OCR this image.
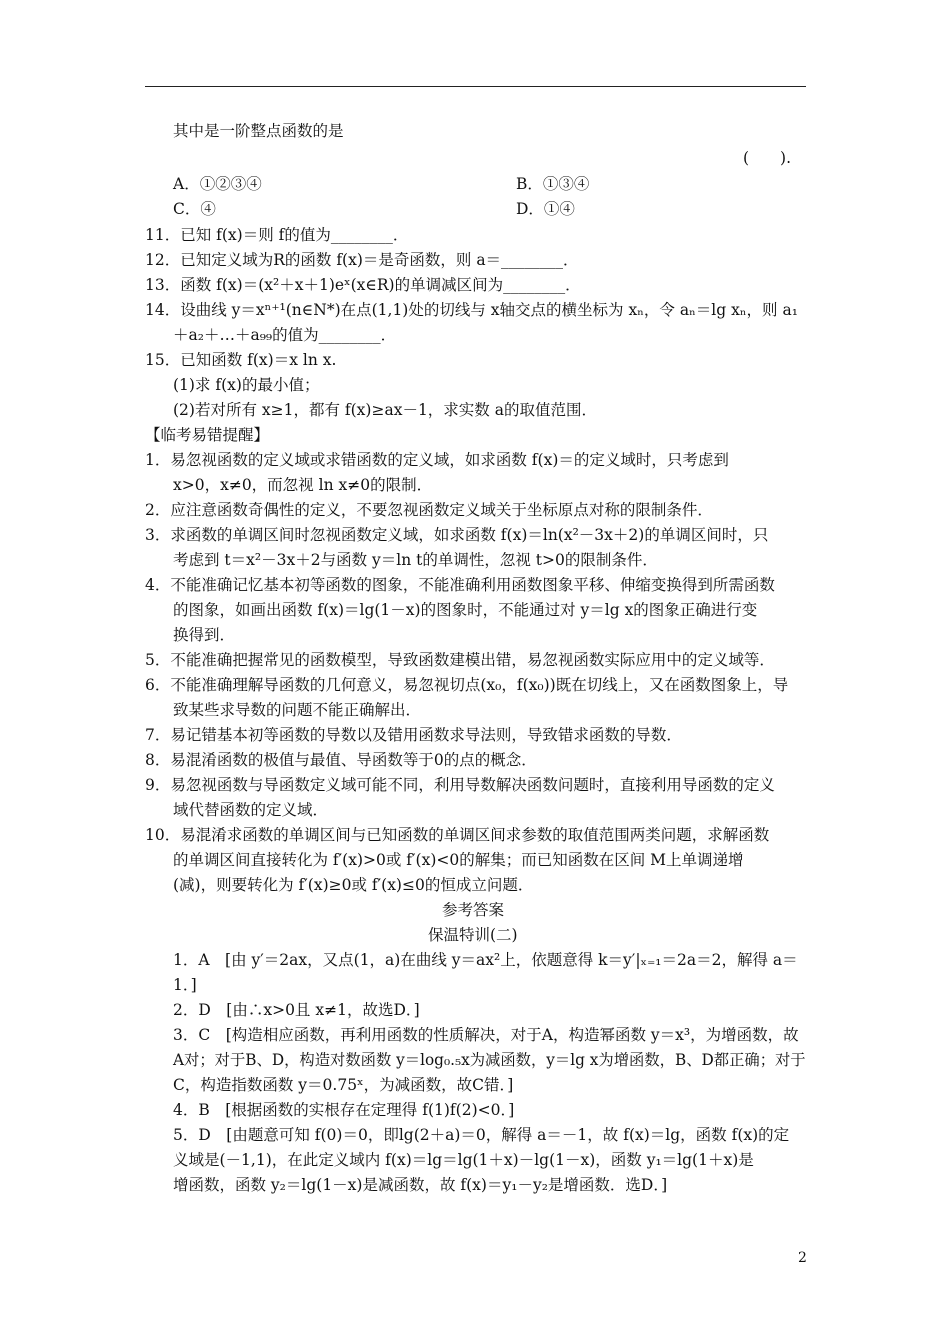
其中是一阶整点函数的是
(　　).
A．①②③④	B．①③④
C．④	D．①④
11．已知 f(x)＝则 f的值为________．
12．已知定义域为R的函数 f(x)＝是奇函数，则 a＝________．
13．函数 f(x)＝(x²＋x＋1)eˣ(x∈R)的单调减区间为________．
14．设曲线 y＝xⁿ⁺¹(n∈N*)在点(1,1)处的切线与 x轴交点的横坐标为 xₙ，令 aₙ＝lg xₙ，则 a₁
＋a₂＋…＋a₉₉的值为________．
15．已知函数 f(x)＝x ln x.
(1)求 f(x)的最小值；
(2)若对所有 x≥1，都有 f(x)≥ax－1，求实数 a的取值范围．
【临考易错提醒】
1．易忽视函数的定义域或求错函数的定义域，如求函数 f(x)＝的定义域时，只考虑到
x>0，x≠0，而忽视 ln x≠0的限制．
2．应注意函数奇偶性的定义，不要忽视函数定义域关于坐标原点对称的限制条件．
3．求函数的单调区间时忽视函数定义域，如求函数 f(x)＝ln(x²－3x＋2)的单调区间时，只
考虑到 t＝x²－3x＋2与函数 y＝ln t的单调性，忽视 t>0的限制条件．
4．不能准确记忆基本初等函数的图象，不能准确利用函数图象平移、伸缩变换得到所需函数
的图象，如画出函数 f(x)＝lg(1－x)的图象时，不能通过对 y＝lg x的图象正确进行变
换得到．
5．不能准确把握常见的函数模型，导致函数建模出错，易忽视函数实际应用中的定义域等．
6．不能准确理解导函数的几何意义，易忽视切点(x₀，f(x₀))既在切线上，又在函数图象上，导
致某些求导数的问题不能正确解出．
7．易记错基本初等函数的导数以及错用函数求导法则，导致错求函数的导数．
8．易混淆函数的极值与最值、导函数等于0的点的概念．
9．易忽视函数与导函数定义域可能不同，利用导数解决函数问题时，直接利用导函数的定义
域代替函数的定义域．
10．易混淆求函数的单调区间与已知函数的单调区间求参数的取值范围两类问题，求解函数
的单调区间直接转化为 f′(x)>0或 f′(x)<0的解集；而已知函数在区间 M上单调递增
(减)，则要转化为 f′(x)≥0或 f′(x)≤0的恒成立问题．
参考答案
保温特训(二)
1．A　[由 y′＝2ax，又点(1，a)在曲线 y＝ax²上，依题意得 k＝y′|ₓ₌₁＝2a＝2，解得 a＝
1．]
2．D　[由∴x>0且 x≠1，故选D．]
3．C　[构造相应函数，再利用函数的性质解决，对于A，构造幂函数 y＝x³，为增函数，故
A对；对于B、D，构造对数函数 y＝log₀.₅x为减函数，y＝lg x为增函数，B、D都正确；对于
C，构造指数函数 y＝0.75ˣ，为减函数，故C错．]
4．B　[根据函数的实根存在定理得 f(1)f(2)<0．]
5．D　[由题意可知 f(0)＝0，即lg(2＋a)＝0，解得 a＝－1，故 f(x)＝lg，函数 f(x)的定
义域是(－1,1)，在此定义域内 f(x)＝lg＝lg(1＋x)－lg(1－x)，函数 y₁＝lg(1＋x)是
增函数，函数 y₂＝lg(1－x)是减函数，故 f(x)＝y₁－y₂是增函数．选D．]
2
